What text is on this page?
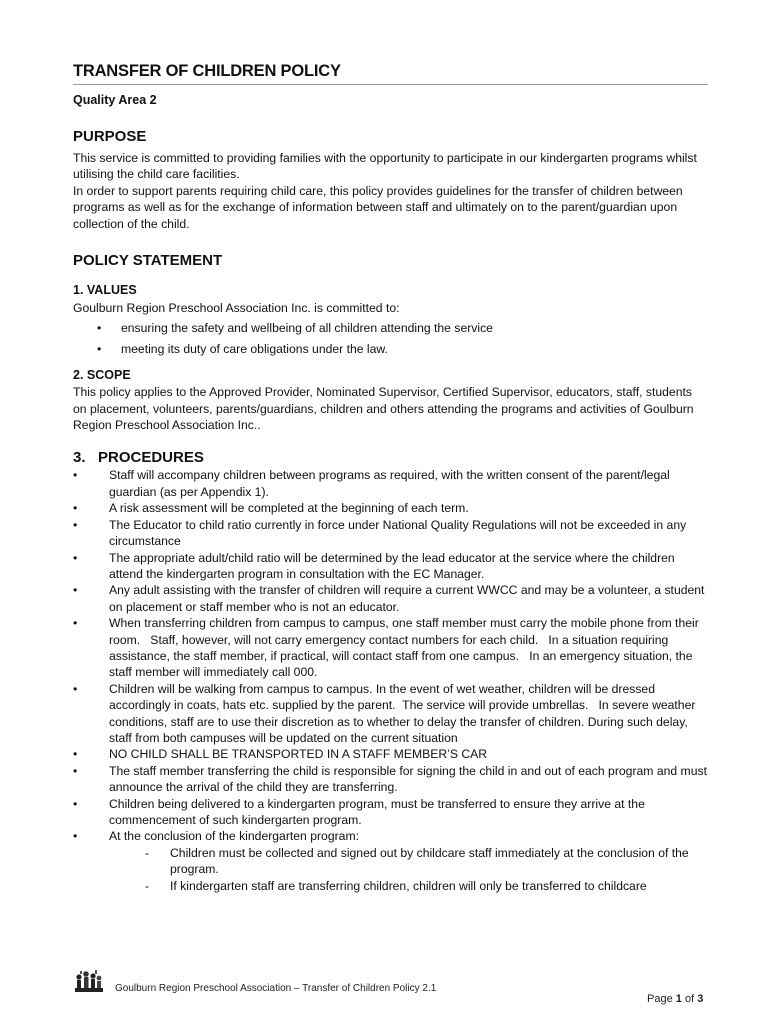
TRANSFER OF CHILDREN POLICY
Quality Area 2
PURPOSE

This service is committed to providing families with the opportunity to participate in our kindergarten programs whilst utilising the child care facilities.
In order to support parents requiring child care, this policy provides guidelines for the transfer of children between programs as well as for the exchange of information between staff and ultimately on to the parent/guardian upon collection of the child.

POLICY STATEMENT
1. VALUES

Goulburn Region Preschool Association Inc. is committed to:

• ensuring the safety and wellbeing of all children attending the service
• meeting its duty of care obligations under the law.
2. SCOPE

This policy applies to the Approved Provider, Nominated Supervisor, Certified Supervisor, educators, staff, students on placement, volunteers, parents/guardians, children and others attending the programs and activities of Goulburn Region Preschool Association Inc..

3.   PROCEDURES
•	Staff will accompany children between programs as required, with the written consent of the parent/legal guardian (as per Appendix 1).
•	A risk assessment will be completed at the beginning of each term.
•	The Educator to child ratio currently in force under National Quality Regulations will not be exceeded in any circumstance
•	The appropriate adult/child ratio will be determined by the lead educator at the service where the children attend the kindergarten program in consultation with the EC Manager.
•	Any adult assisting with the transfer of children will require a current WWCC and may be a volunteer, a student on placement or staff member who is not an educator.
•	When transferring children from campus to campus, one staff member must carry the mobile phone from their room.   Staff, however, will not carry emergency contact numbers for each child.   In a situation requiring assistance, the staff member, if practical, will contact staff from one campus.   In an emergency situation, the staff member will immediately call 000.
•	Children will be walking from campus to campus. In the event of wet weather, children will be dressed accordingly in coats, hats etc. supplied by the parent.  The service will provide umbrellas.   In severe weather conditions, staff are to use their discretion as to whether to delay the transfer of children. During such delay, staff from both campuses will be updated on the current situation
•	NO CHILD SHALL BE TRANSPORTED IN A STAFF MEMBER’S CAR
•	The staff member transferring the child is responsible for signing the child in and out of each program and must announce the arrival of the child they are transferring.
•	Children being delivered to a kindergarten program, must be transferred to ensure they arrive at the commencement of such kindergarten program.
•	At the conclusion of the kindergarten program:
- Children must be collected and signed out by childcare staff immediately at the conclusion of the program.
- If kindergarten staff are transferring children, children will only be transferred to childcare
Goulburn Region Preschool Association – Transfer of Children Policy 2.1
Page 1 of 3
